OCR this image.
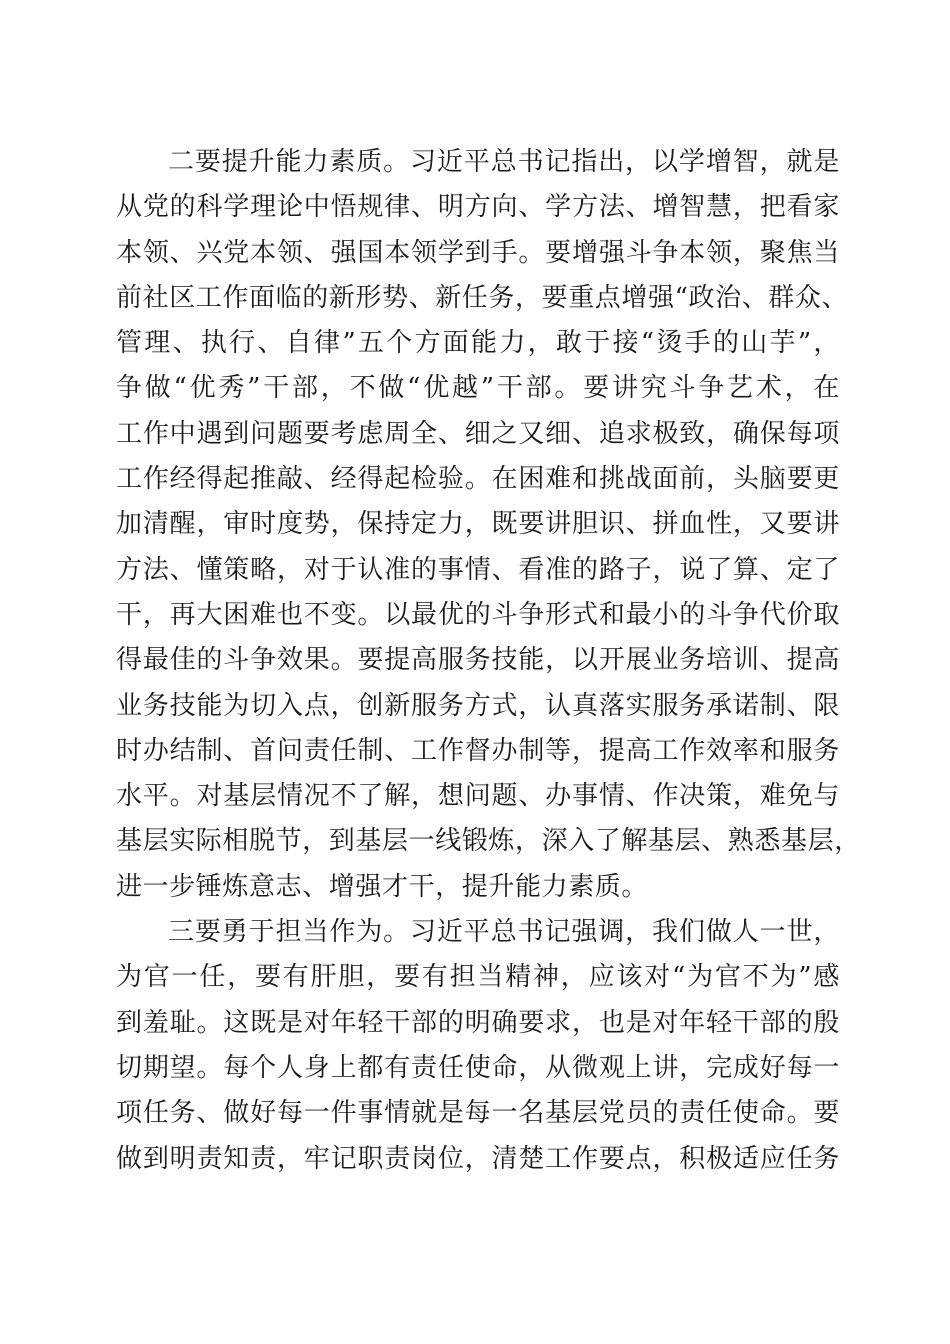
二要提升能力素质。习近平总书记指出，以学增智，就是
从党的科学理论中悟规律、明方向、学方法、增智慧，把看家
本领、兴党本领、强国本领学到手。要增强斗争本领，聚焦当
前社区工作面临的新形势、新任务，要重点增强“政治、群众、
管理、执行、自律”五个方面能力，敢于接“烫手的山芋”，
争做“优秀”干部，不做“优越”干部。要讲究斗争艺术，在
工作中遇到问题要考虑周全、细之又细、追求极致，确保每项
工作经得起推敲、经得起检验。在困难和挑战面前，头脑要更
加清醒，审时度势，保持定力，既要讲胆识、拼血性，又要讲
方法、懂策略，对于认准的事情、看准的路子，说了算、定了
干，再大困难也不变。以最优的斗争形式和最小的斗争代价取
得最佳的斗争效果。要提高服务技能，以开展业务培训、提高
业务技能为切入点，创新服务方式，认真落实服务承诺制、限
时办结制、首问责任制、工作督办制等，提高工作效率和服务
水平。对基层情况不了解，想问题、办事情、作决策，难免与
基层实际相脱节，到基层一线锻炼，深入了解基层、熟悉基层，
进一步锤炼意志、增强才干，提升能力素质。
三要勇于担当作为。习近平总书记强调，我们做人一世，
为官一任，要有肝胆，要有担当精神，应该对“为官不为”感
到羞耻。这既是对年轻干部的明确要求，也是对年轻干部的殷
切期望。每个人身上都有责任使命，从微观上讲，完成好每一
项任务、做好每一件事情就是每一名基层党员的责任使命。要
做到明责知责，牢记职责岗位，清楚工作要点，积极适应任务
